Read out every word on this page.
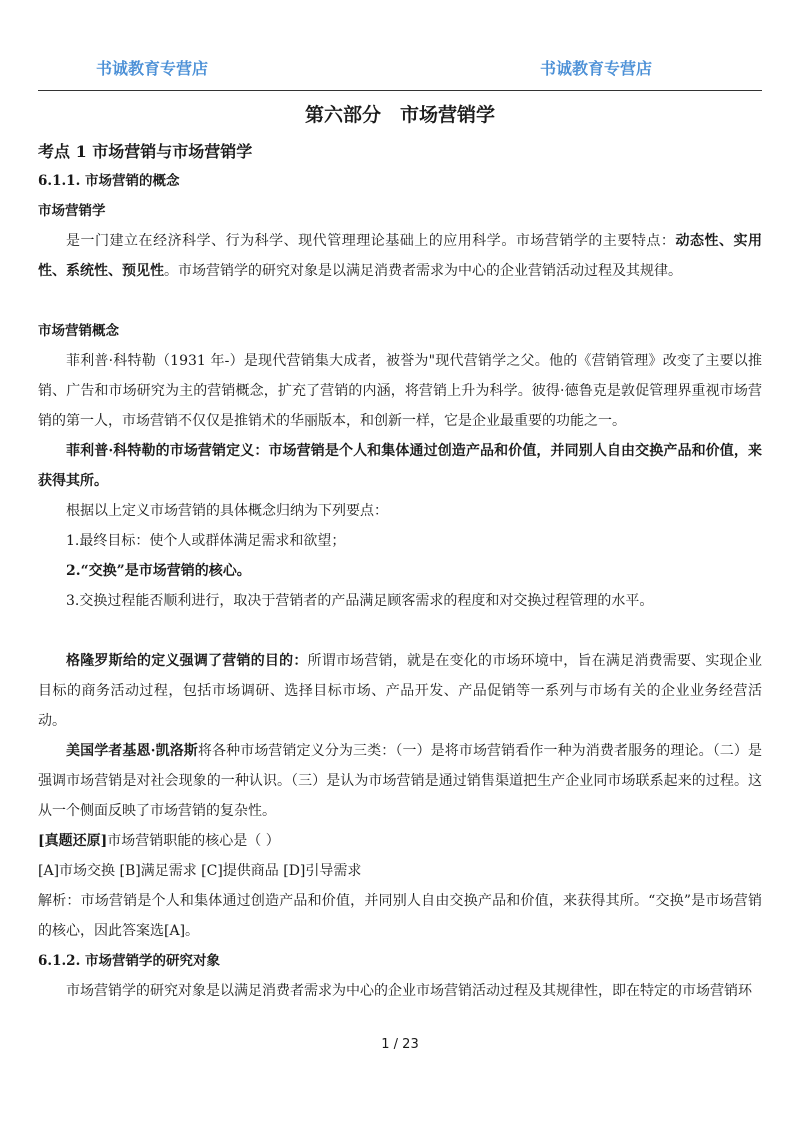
书诚教育专营店	书诚教育专营店
第六部分　市场营销学
考点 1 市场营销与市场营销学
6.1.1. 市场营销的概念
市场营销学

是一门建立在经济科学、行为科学、现代管理理论基础上的应用科学。市场营销学的主要特点：动态性、实用性、系统性、预见性。市场营销学的研究对象是以满足消费者需求为中心的企业营销活动过程及其规律。

市场营销概念

菲利普·科特勒（1931 年-）是现代营销集大成者，被誉为"现代营销学之父。他的《营销管理》改变了主要以推销、广告和市场研究为主的营销概念，扩充了营销的内涵，将营销上升为科学。彼得·德鲁克是敦促管理界重视市场营销的第一人，市场营销不仅仅是推销术的华丽版本，和创新一样，它是企业最重要的功能之一。

菲利普·科特勒的市场营销定义：市场营销是个人和集体通过创造产品和价值，并同别人自由交换产品和价值，来获得其所。

根据以上定义市场营销的具体概念归纳为下列要点：

1.最终目标：使个人或群体满足需求和欲望；

2.“交换”是市场营销的核心。

3.交换过程能否顺利进行，取决于营销者的产品满足顾客需求的程度和对交换过程管理的水平。

格隆罗斯给的定义强调了营销的目的：所谓市场营销，就是在变化的市场环境中，旨在满足消费需要、实现企业目标的商务活动过程，包括市场调研、选择目标市场、产品开发、产品促销等一系列与市场有关的企业业务经营活动。

美国学者基恩·凯洛斯将各种市场营销定义分为三类：（一）是将市场营销看作一种为消费者服务的理论。（二）是强调市场营销是对社会现象的一种认识。（三）是认为市场营销是通过销售渠道把生产企业同市场联系起来的过程。这从一个侧面反映了市场营销的复杂性。

[真题还原]市场营销职能的核心是（ ）

[A]市场交换 [B]满足需求 [C]提供商品 [D]引导需求

解析：市场营销是个人和集体通过创造产品和价值，并同别人自由交换产品和价值，来获得其所。“交换”是市场营销的核心，因此答案选[A]。

6.1.2. 市场营销学的研究对象

市场营销学的研究对象是以满足消费者需求为中心的企业市场营销活动过程及其规律性，即在特定的市场营销环

1 / 23
